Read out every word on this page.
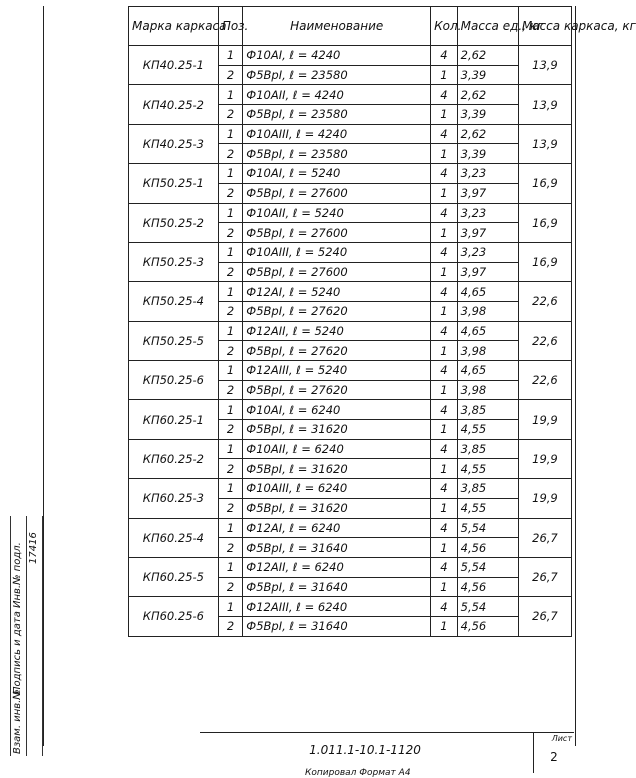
Инв.№ подл.
Подпись и дата
Взам. инв.№
17416
Марка каркаса	Поз.	Наименование	Кол.	Масса ед., кг	Масса каркаса, кг
КП40.25-1	1	Ф10АI, ℓ = 4240	4	2,62	13,9
	2	Ф5ВрI, ℓ = 23580	1	3,39	
КП40.25-2	1	Ф10АII, ℓ = 4240	4	2,62	13,9
	2	Ф5ВрI, ℓ = 23580	1	3,39	
КП40.25-3	1	Ф10АIII, ℓ = 4240	4	2,62	13,9
	2	Ф5ВрI, ℓ = 23580	1	3,39	
КП50.25-1	1	Ф10АI, ℓ = 5240	4	3,23	16,9
	2	Ф5ВрI, ℓ = 27600	1	3,97	
КП50.25-2	1	Ф10АII, ℓ = 5240	4	3,23	16,9
	2	Ф5ВрI, ℓ = 27600	1	3,97	
КП50.25-3	1	Ф10АIII, ℓ = 5240	4	3,23	16,9
	2	Ф5ВрI, ℓ = 27600	1	3,97	
КП50.25-4	1	Ф12АI, ℓ = 5240	4	4,65	22,6
	2	Ф5ВрI, ℓ = 27620	1	3,98	
КП50.25-5	1	Ф12АII, ℓ = 5240	4	4,65	22,6
	2	Ф5ВрI, ℓ = 27620	1	3,98	
КП50.25-6	1	Ф12АIII, ℓ = 5240	4	4,65	22,6
	2	Ф5ВрI, ℓ = 27620	1	3,98	
КП60.25-1	1	Ф10АI, ℓ = 6240	4	3,85	19,9
	2	Ф5ВрI, ℓ = 31620	1	4,55	
КП60.25-2	1	Ф10АII, ℓ = 6240	4	3,85	19,9
	2	Ф5ВрI, ℓ = 31620	1	4,55	
КП60.25-3	1	Ф10АIII, ℓ = 6240	4	3,85	19,9
	2	Ф5ВрI, ℓ = 31620	1	4,55	
КП60.25-4	1	Ф12АI, ℓ = 6240	4	5,54	26,7
	2	Ф5ВрI, ℓ = 31640	1	4,56	
КП60.25-5	1	Ф12АII, ℓ = 6240	4	5,54	26,7
	2	Ф5ВрI, ℓ = 31640	1	4,56	
КП60.25-6	1	Ф12АIII, ℓ = 6240	4	5,54	26,7
	2	Ф5ВрI, ℓ = 31640	1	4,56	
1.011.1-10.1-1120
Лист
2
Копировал Формат А4
